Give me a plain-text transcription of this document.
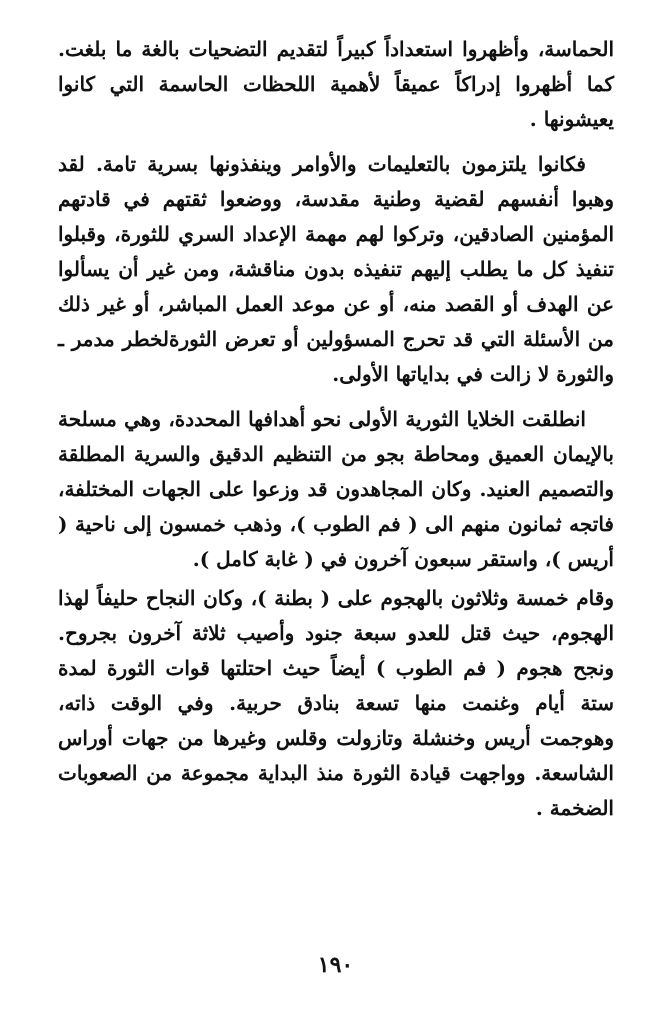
الحماسة، وأظهروا استعداداً كبيراً لتقديم التضحيات بالغة ما بلغت. كما أظهروا إدراكاً عميقاً لأهمية اللحظات الحاسمة التي كانوا يعيشونها .

فكانوا يلتزمون بالتعليمات والأوامر وينفذونها بسرية تامة. لقد وهبوا أنفسهم لقضية وطنية مقدسة، ووضعوا ثقتهم في قادتهم المؤمنين الصادقين، وتركوا لهم مهمة الإعداد السري للثورة، وقبلوا تنفيذ كل ما يطلب إليهم تنفيذه بدون مناقشة، ومن غير أن يسألوا عن الهدف أو القصد منه، أو عن موعد العمل المباشر، أو غير ذلك من الأسئلة التي قد تحرج المسؤولين أو تعرض الثورةلخطر مدمر ـ والثورة لا زالت في بداياتها الأولى.

انطلقت الخلايا الثورية الأولى نحو أهدافها المحددة، وهي مسلحة بالإيمان العميق ومحاطة بجو من التنظيم الدقيق والسرية المطلقة والتصميم العنيد. وكان المجاهدون قد وزعوا على الجهات المختلفة، فاتجه ثمانون منهم الى ( فم الطوب )، وذهب خمسون إلى ناحية ( أريس )، واستقر سبعون آخرون في ( غابة كامل ).

وقام خمسة وثلاثون بالهجوم على ( بطنة )، وكان النجاح حليفاً لهذا الهجوم، حيث قتل للعدو سبعة جنود وأصيب ثلاثة آخرون بجروح. ونجح هجوم ( فم الطوب ) أيضاً حيث احتلتها قوات الثورة لمدة ستة أيام وغنمت منها تسعة بنادق حربية. وفي الوقت ذاته، وهوجمت أريس وخنشلة وتازولت وقلس وغيرها من جهات أوراس الشاسعة. وواجهت قيادة الثورة منذ البداية مجموعة من الصعوبات الضخمة .

١٩٠
